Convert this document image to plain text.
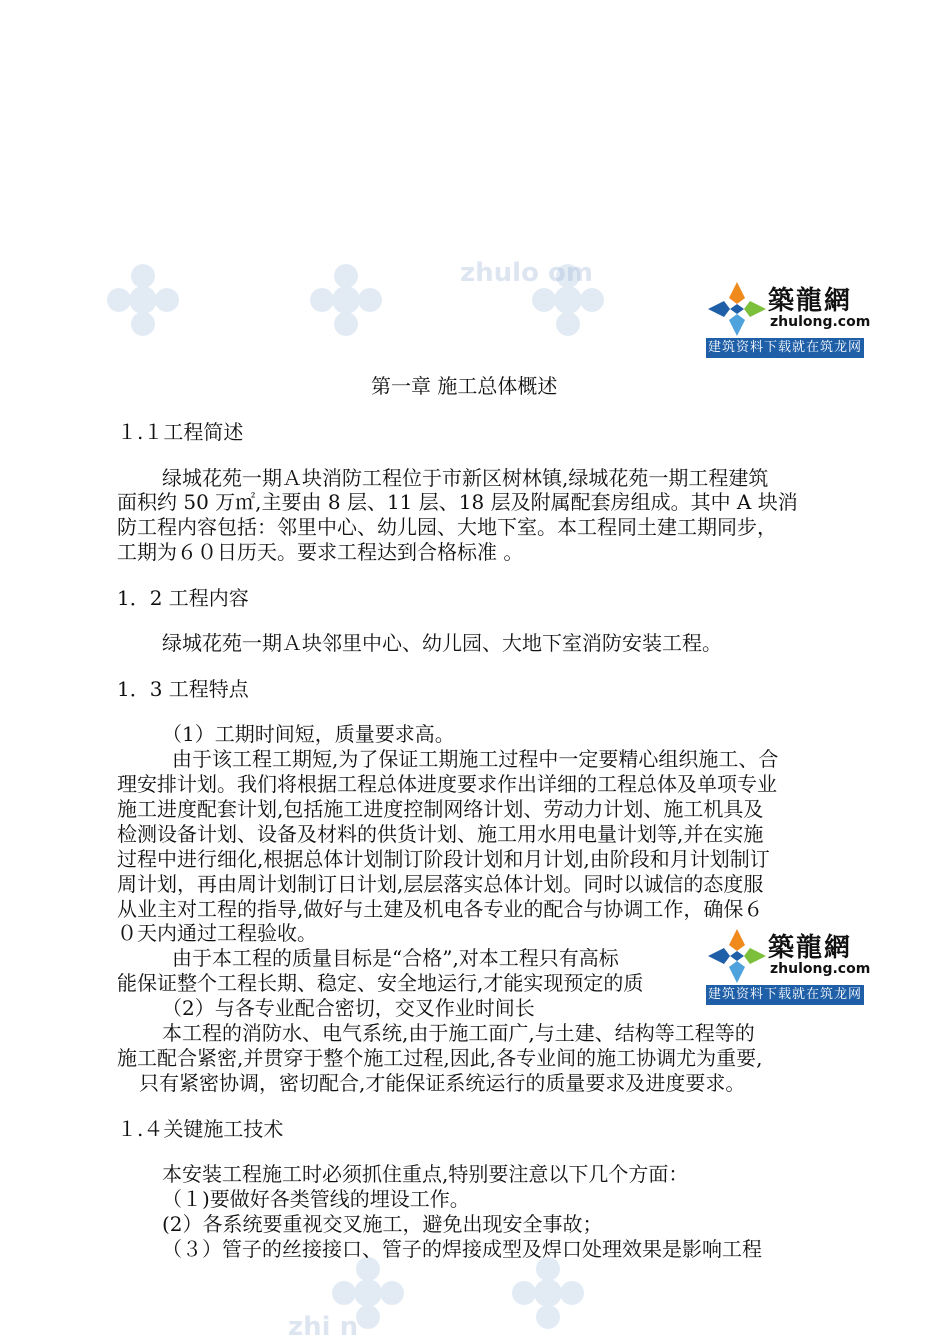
zhulo om
zhi n
築龍網
zhulong.com
建筑资料下载就在筑龙网
第一章 施工总体概述
１.１工程简述
绿城花苑一期Ａ块消防工程位于市新区树林镇,绿城花苑一期工程建筑
面积约 50 万㎡,主要由 8 层、11 层、18 层及附属配套房组成。其中 A 块消
防工程内容包括：邻里中心、幼儿园、大地下室。本工程同土建工期同步，
工期为６０日历天。要求工程达到合格标准 。
1．2 工程内容
绿城花苑一期Ａ块邻里中心、幼儿园、大地下室消防安装工程。
1．3 工程特点
（1）工期时间短，质量要求高。
由于该工程工期短,为了保证工期施工过程中一定要精心组织施工、合
理安排计划。我们将根据工程总体进度要求作出详细的工程总体及单项专业
施工进度配套计划,包括施工进度控制网络计划、劳动力计划、施工机具及
检测设备计划、设备及材料的供货计划、施工用水用电量计划等,并在实施
过程中进行细化,根据总体计划制订阶段计划和月计划,由阶段和月计划制订
周计划，再由周计划制订日计划,层层落实总体计划。同时以诚信的态度服
从业主对工程的指导,做好与土建及机电各专业的配合与协调工作，确保６
０天内通过工程验收。
由于本工程的质量目标是“合格”,对本工程只有高标
能保证整个工程长期、稳定、安全地运行,才能实现预定的质
（2）与各专业配合密切，交叉作业时间长
本工程的消防水、电气系统,由于施工面广,与土建、结构等工程等的
施工配合紧密,并贯穿于整个施工过程,因此,各专业间的施工协调尤为重要,
只有紧密协调，密切配合,才能保证系统运行的质量要求及进度要求。
築龍網
zhulong.com
建筑资料下载就在筑龙网
１.４关键施工技术
本安装工程施工时必须抓住重点,特别要注意以下几个方面：
（１)要做好各类管线的埋设工作。
(2）各系统要重视交叉施工，避免出现安全事故；
（３）管子的丝接接口、管子的焊接成型及焊口处理效果是影响工程
